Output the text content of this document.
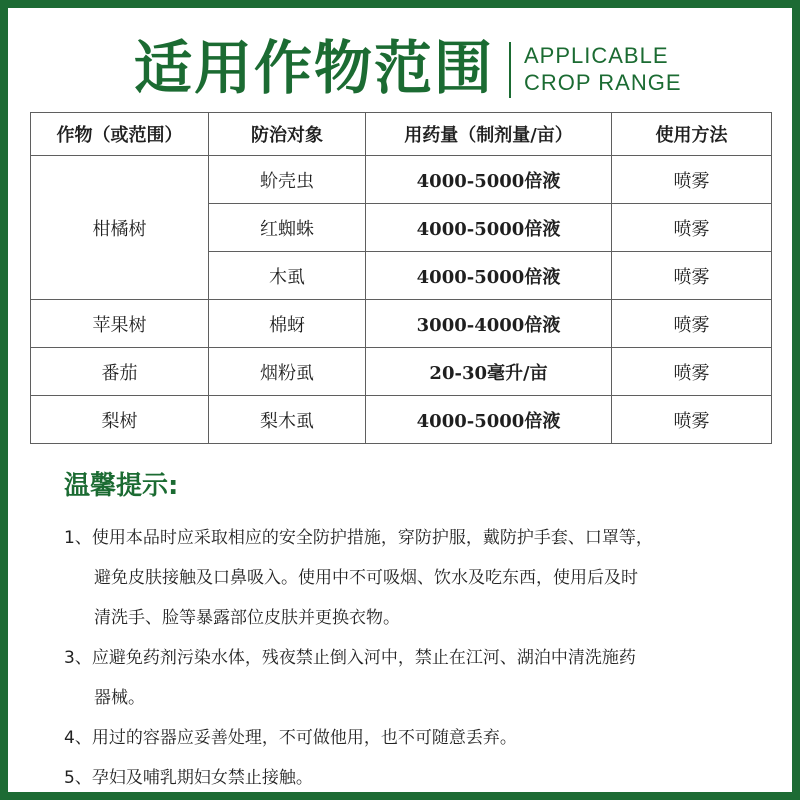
适用作物范围 APPLICABLE
CROP RANGE
作物（或范围）	防治对象	用药量（制剂量/亩）	使用方法
柑橘树	蚧壳虫	4000-5000倍液	喷雾
	红蜘蛛	4000-5000倍液	喷雾
	木虱	4000-5000倍液	喷雾
苹果树	棉蚜	3000-4000倍液	喷雾
番茄	烟粉虱	20-30毫升/亩	喷雾
梨树	梨木虱	4000-5000倍液	喷雾
温馨提示:
1、使用本品时应采取相应的安全防护措施，穿防护服，戴防护手套、口罩等，
避免皮肤接触及口鼻吸入。使用中不可吸烟、饮水及吃东西，使用后及时
清洗手、脸等暴露部位皮肤并更换衣物。
3、应避免药剂污染水体，残夜禁止倒入河中，禁止在江河、湖泊中清洗施药
器械。
4、用过的容器应妥善处理，不可做他用，也不可随意丢弃。
5、孕妇及哺乳期妇女禁止接触。
